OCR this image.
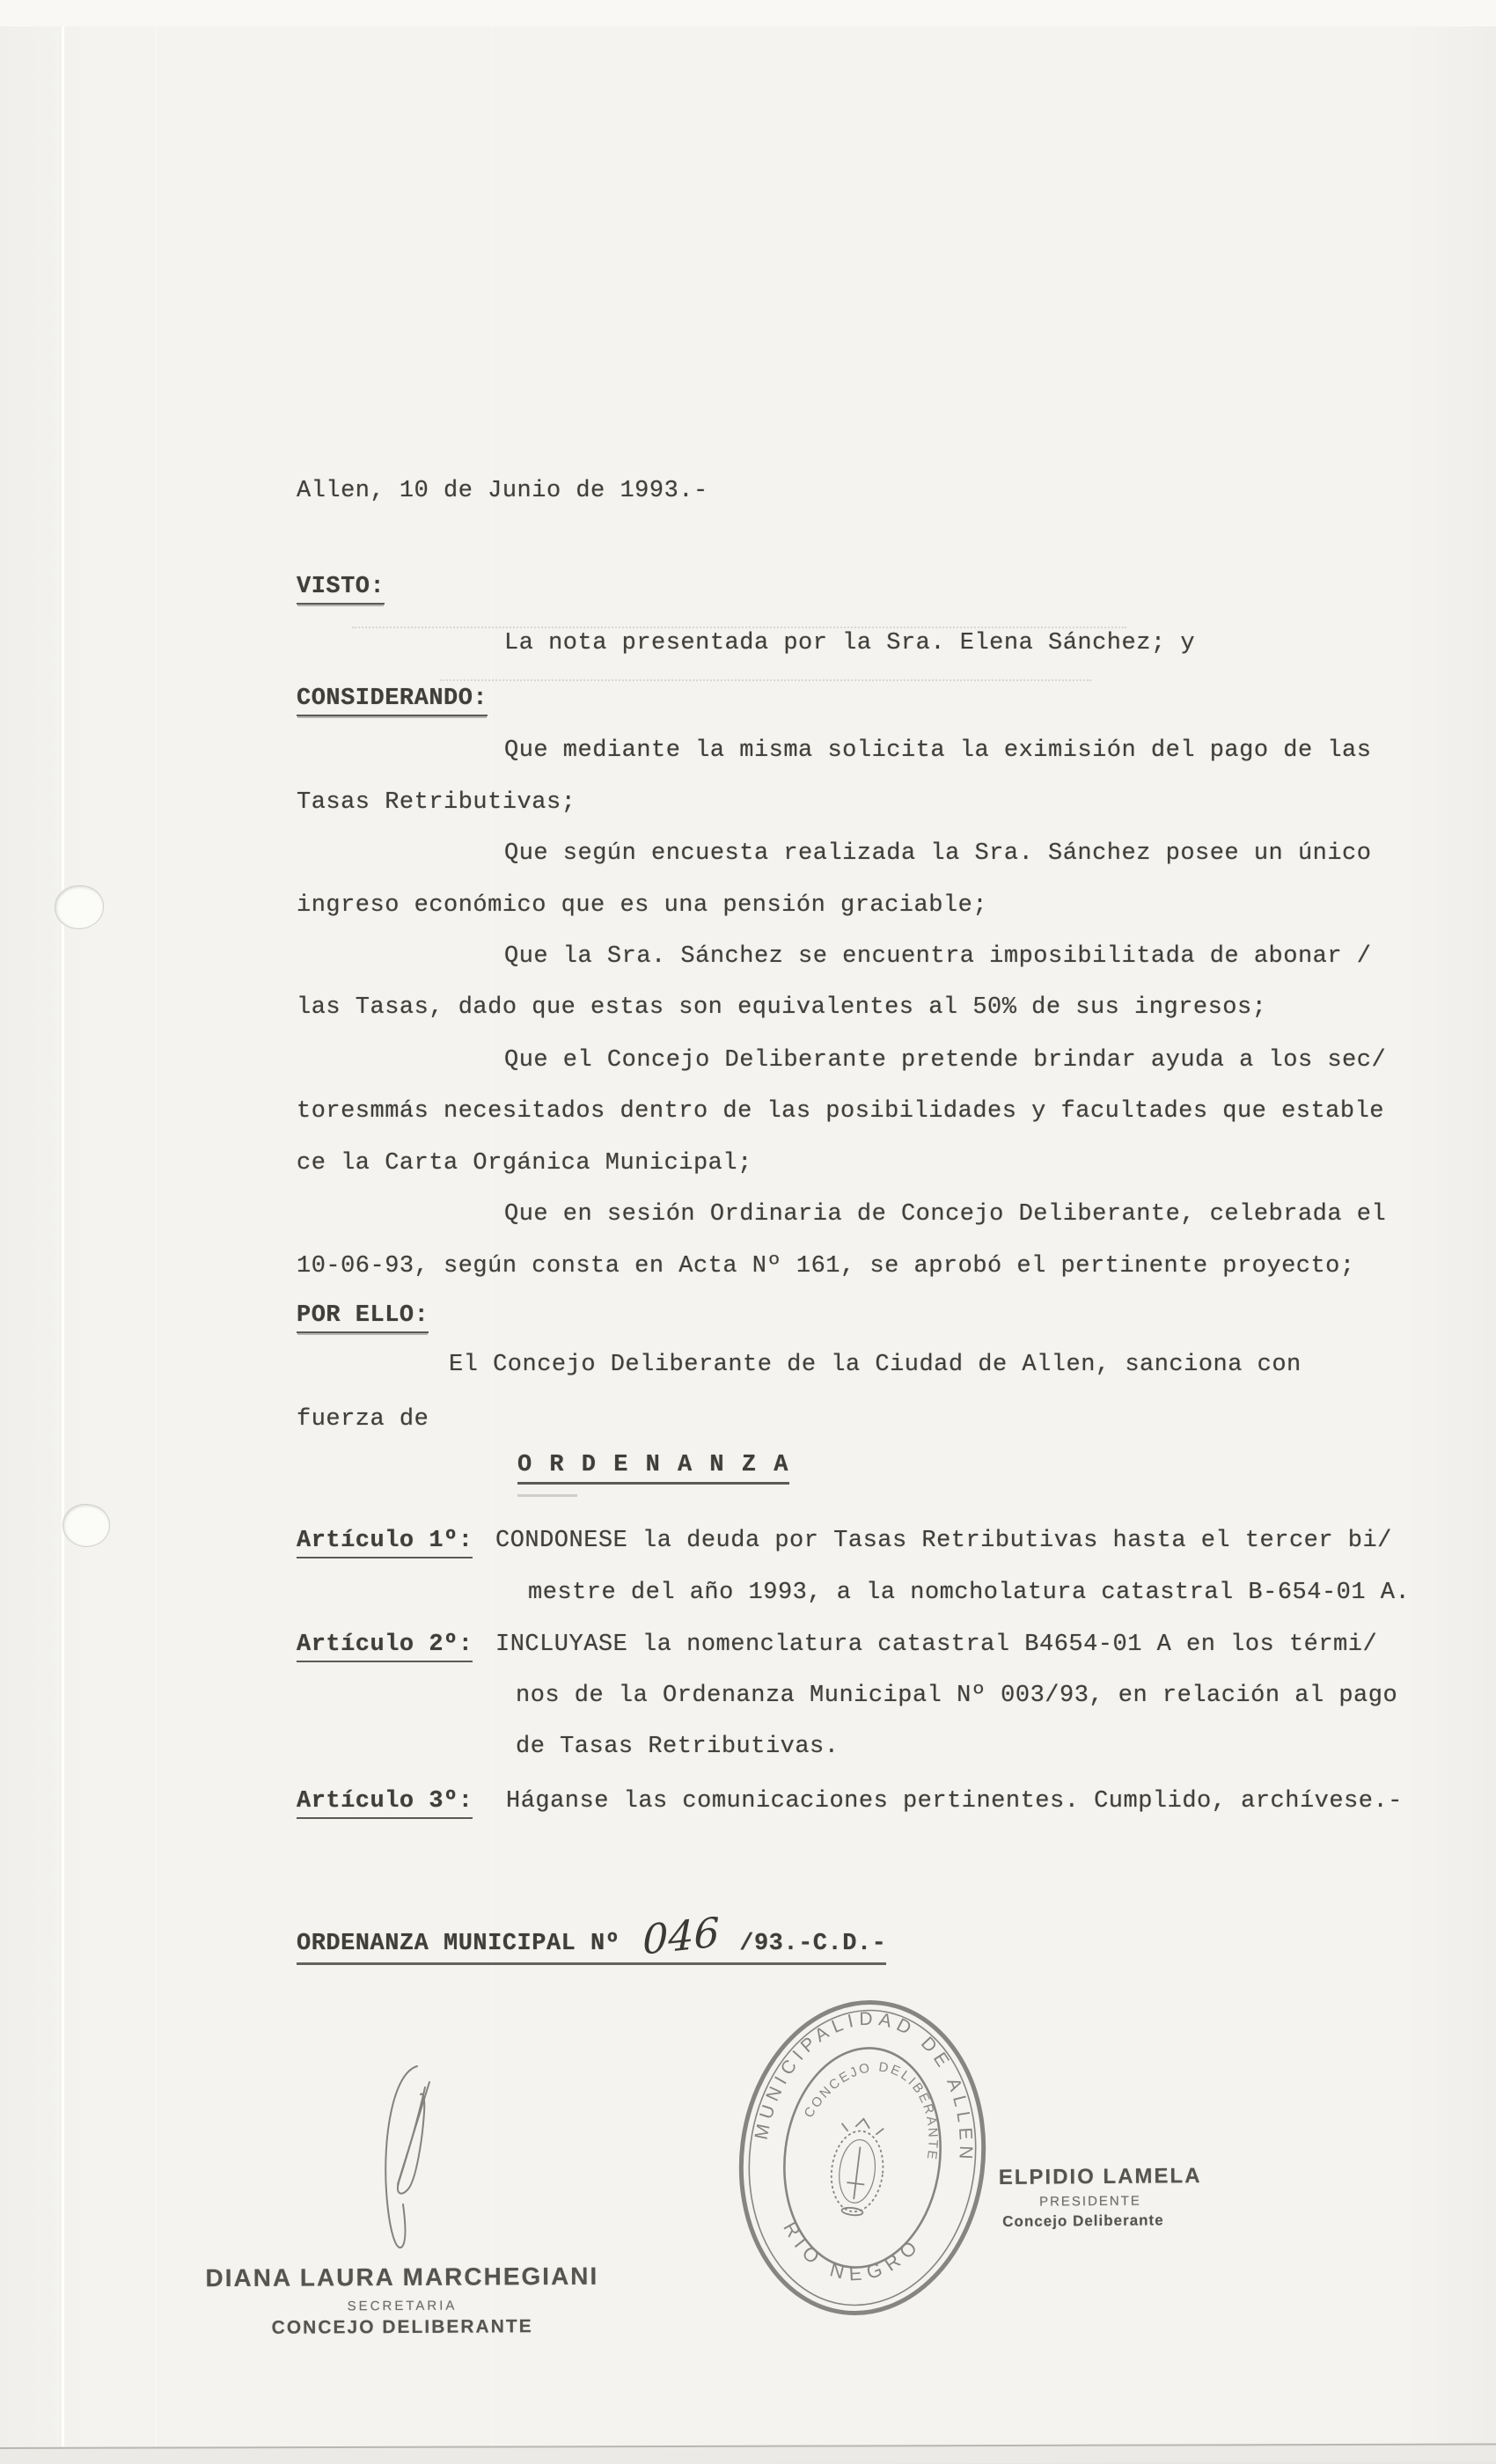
Allen, 10 de Junio de 1993.-
VISTO:
La nota presentada por la Sra. Elena Sánchez; y
CONSIDERANDO:
Que mediante la misma solicita la eximisión del pago de las
Tasas Retributivas;
Que según encuesta realizada la Sra. Sánchez posee un único
ingreso económico que es una pensión graciable;
Que la Sra. Sánchez se encuentra imposibilitada de abonar /
las Tasas, dado que estas son equivalentes al 50% de sus ingresos;
Que el Concejo Deliberante pretende brindar ayuda a los sec/
toresmmás necesitados dentro de las posibilidades y facultades que estable
ce la Carta Orgánica Municipal;
Que en sesión Ordinaria de Concejo Deliberante, celebrada el
10-06-93, según consta en Acta Nº 161, se aprobó el pertinente proyecto;
POR ELLO:
El Concejo Deliberante de la Ciudad de Allen, sanciona con
fuerza de
O R D E N A N Z A
Artículo 1º: CONDONESE la deuda por Tasas Retributivas hasta el tercer bi/
mestre del año 1993, a la nomcholatura catastral B-654-01 A.
Artículo 2º: INCLUYASE la nomenclatura catastral B4654-01 A en los térmi/
nos de la Ordenanza Municipal Nº 003/93, en relación al pago
de Tasas Retributivas.
Artículo 3º: Háganse las comunicaciones pertinentes. Cumplido, archívese.-
ORDENANZA MUNICIPAL Nº 046 /93.-C.D.-
MUNICIPALIDAD DE ALLEN
CONCEJO DELIBERANTE
RIO NEGRO
ELPIDIO LAMELA
PRESIDENTE
Concejo Deliberante
DIANA LAURA MARCHEGIANI
SECRETARIA
CONCEJO DELIBERANTE
